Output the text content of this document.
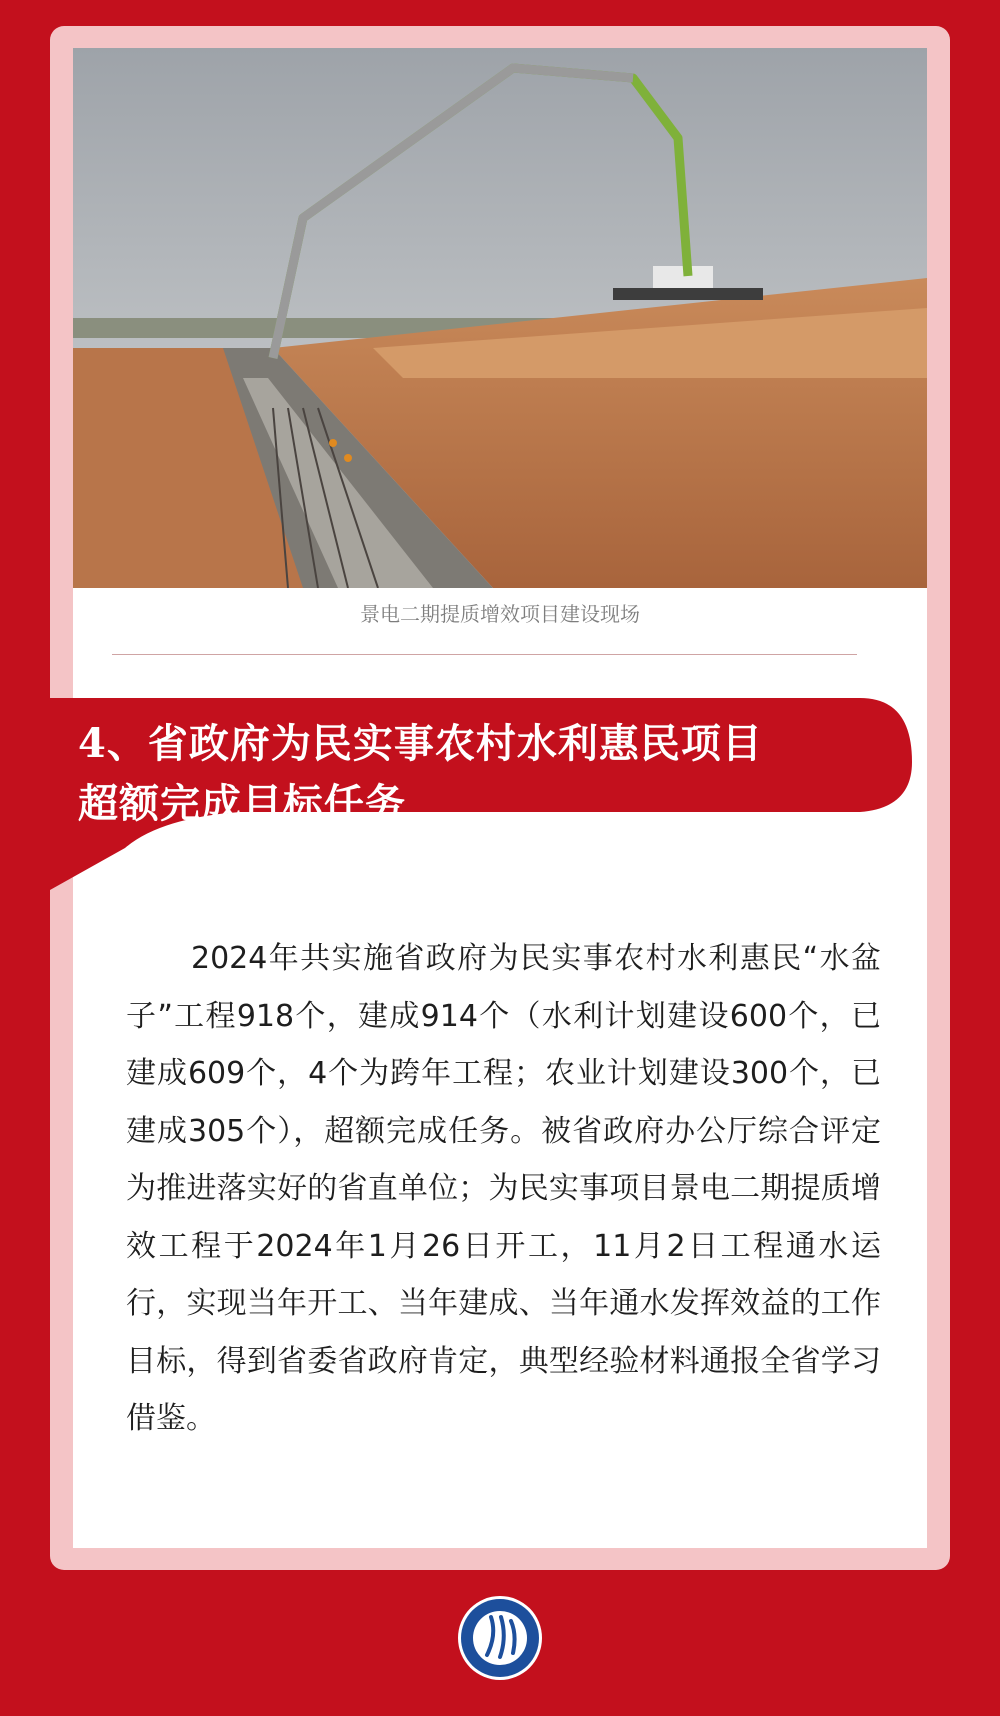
景电二期提质增效项目建设现场
4、省政府为民实事农村水利惠民项目
超额完成目标任务
2024年共实施省政府为民实事农村水利惠民“水盆子”工程918个，建成914个（水利计划建设600个，已建成609个，4个为跨年工程；农业计划建设300个，已建成305个），超额完成任务。被省政府办公厅综合评定为推进落实好的省直单位；为民实事项目景电二期提质增效工程于2024年1月26日开工，11月2日工程通水运行，实现当年开工、当年建成、当年通水发挥效益的工作目标，得到省委省政府肯定，典型经验材料通报全省学习借鉴。
